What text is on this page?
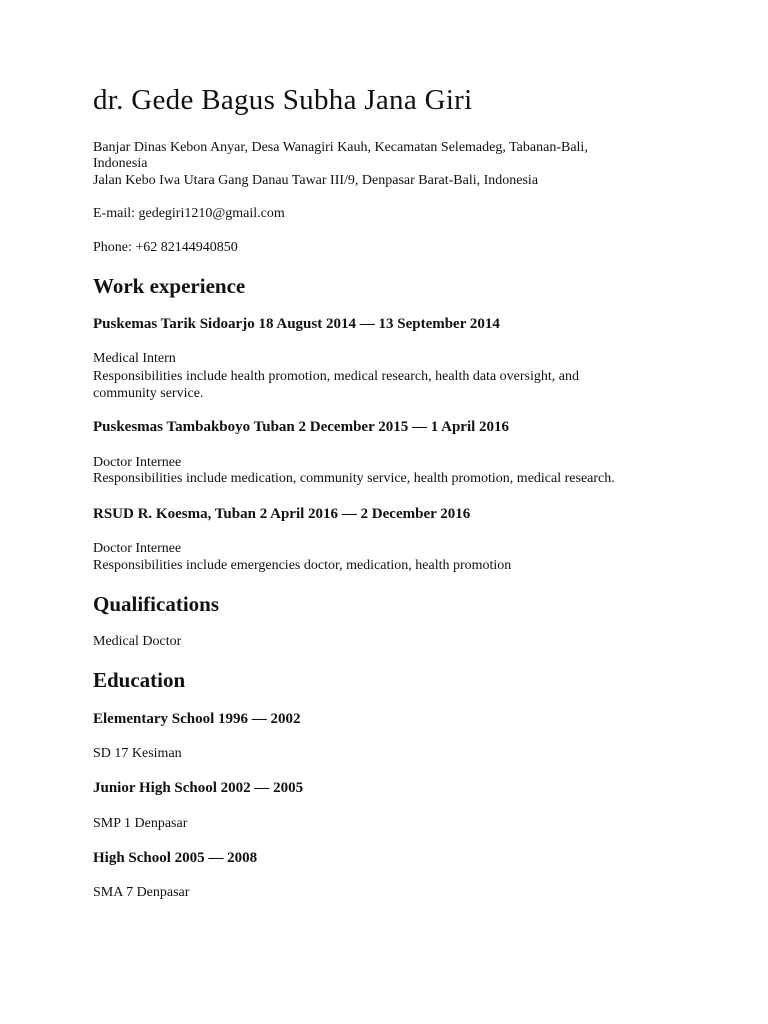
dr. Gede Bagus Subha Jana Giri

Banjar Dinas Kebon Anyar, Desa Wanagiri Kauh, Kecamatan Selemadeg, Tabanan-Bali,

Indonesia

Jalan Kebo Iwa Utara Gang Danau Tawar III/9, Denpasar Barat-Bali, Indonesia

E-mail: gedegiri1210@gmail.com

Phone: +62 82144940850

Work experience
Puskemas Tarik Sidoarjo 18 August 2014 — 13 September 2014

Medical Intern

Responsibilities include health promotion, medical research, health data oversight, and

community service.

Puskesmas Tambakboyo Tuban 2 December 2015 — 1 April 2016

Doctor Internee

Responsibilities include medication, community service, health promotion, medical research.

RSUD R. Koesma, Tuban 2 April 2016 — 2 December 2016

Doctor Internee

Responsibilities include emergencies doctor, medication, health promotion

Qualifications

Medical Doctor

Education
Elementary School 1996 — 2002

SD 17 Kesiman

Junior High School 2002 — 2005

SMP 1 Denpasar

High School 2005 — 2008

SMA 7 Denpasar
